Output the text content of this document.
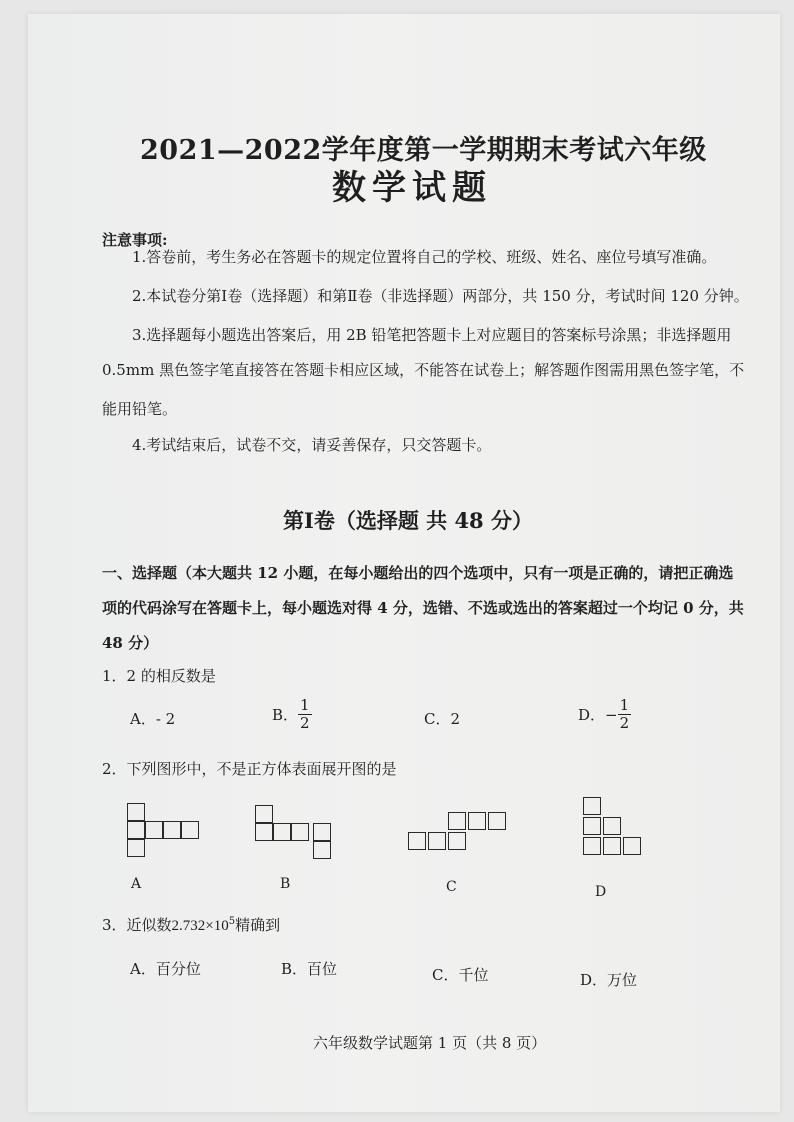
2021—2022学年度第一学期期末考试六年级
数学试题
注意事项:
1.答卷前，考生务必在答题卡的规定位置将自己的学校、班级、姓名、座位号填写准确。
2.本试卷分第Ⅰ卷（选择题）和第Ⅱ卷（非选择题）两部分，共 150 分，考试时间 120 分钟。
3.选择题每小题选出答案后，用 2B 铅笔把答题卡上对应题目的答案标号涂黑；非选择题用
0.5mm 黑色签字笔直接答在答题卡相应区域，不能答在试卷上；解答题作图需用黑色签字笔，不
能用铅笔。
4.考试结束后，试卷不交，请妥善保存，只交答题卡。
第Ⅰ卷（选择题 共 48 分）
一、选择题（本大题共 12 小题，在每小题给出的四个选项中，只有一项是正确的，请把正确选
项的代码涂写在答题卡上，每小题选对得 4 分，选错、不选或选出的答案超过一个均记 0 分，共
48 分）
1．2 的相反数是
A．- 2	B． $\frac{1}{2}$	C．2	D．− $\frac{1}{2}$
2．下列图形中，不是正方体表面展开图的是
A	B	C	D
3．近似数$2.732\times 10^5$精确到
A．百分位	B．百位	C．千位	D．万位
六年级数学试题第 1 页（共 8 页）
